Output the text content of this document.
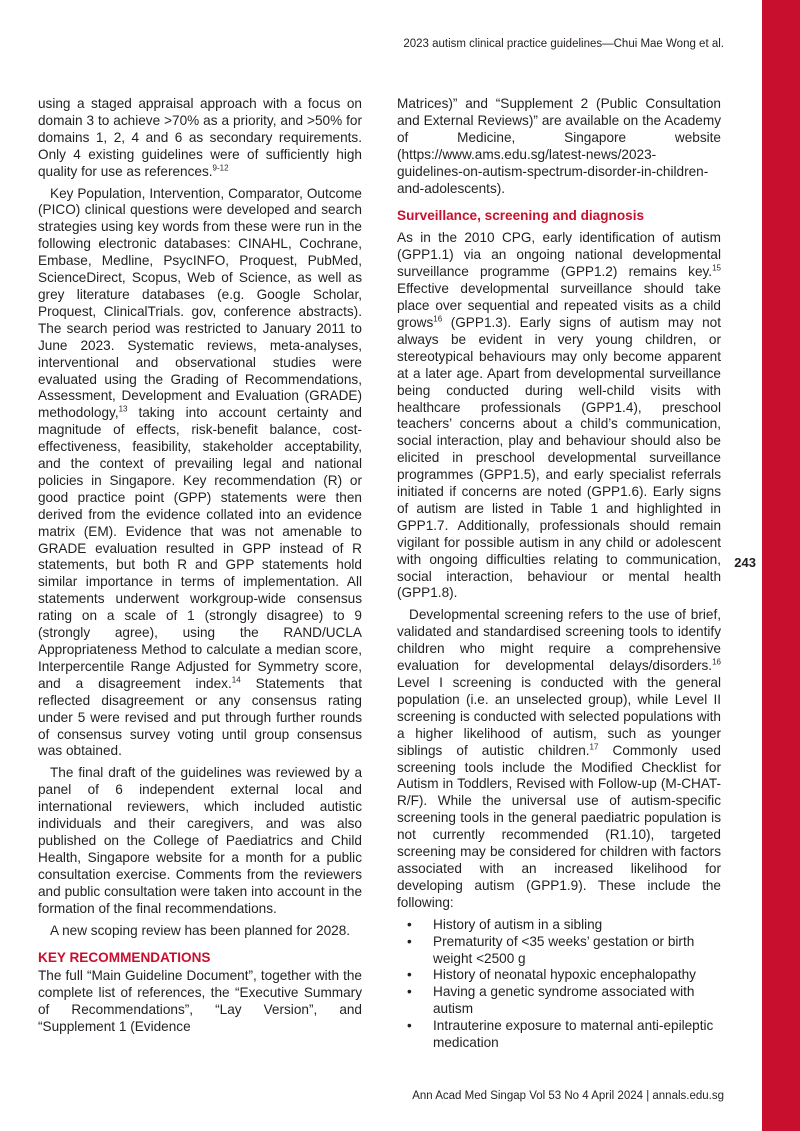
2023 autism clinical practice guidelines—Chui Mae Wong et al.
243

using a staged appraisal approach with a focus on domain 3 to achieve >70% as a priority, and >50% for domains 1, 2, 4 and 6 as secondary requirements. Only 4 existing guidelines were of sufficiently high quality for use as references.$^{9-12}$

Key Population, Intervention, Comparator, Outcome (PICO) clinical questions were developed and search strategies using key words from these were run in the following electronic databases: CINAHL, Cochrane, Embase, Medline, PsycINFO, Proquest, PubMed, ScienceDirect, Scopus, Web of Science, as well as grey literature databases (e.g. Google Scholar, Proquest, ClinicalTrials. gov, conference abstracts). The search period was restricted to January 2011 to June 2023. Systematic reviews, meta-analyses, interventional and observational studies were evaluated using the Grading of Recommendations, Assessment, Development and Evaluation (GRADE) methodology,$^{13}$ taking into account certainty and magnitude of effects, risk-benefit balance, cost-effectiveness, feasibility, stakeholder acceptability, and the context of prevailing legal and national policies in Singapore. Key recommendation (R) or good practice point (GPP) statements were then derived from the evidence collated into an evidence matrix (EM). Evidence that was not amenable to GRADE evaluation resulted in GPP instead of R statements, but both R and GPP statements hold similar importance in terms of implementation. All statements underwent workgroup-wide consensus rating on a scale of 1 (strongly disagree) to 9 (strongly agree), using the RAND/UCLA Appropriateness Method to calculate a median score, Interpercentile Range Adjusted for Symmetry score, and a disagreement index.$^{14}$ Statements that reflected disagreement or any consensus rating under 5 were revised and put through further rounds of consensus survey voting until group consensus was obtained.

The final draft of the guidelines was reviewed by a panel of 6 independent external local and international reviewers, which included autistic individuals and their caregivers, and was also published on the College of Paediatrics and Child Health, Singapore website for a month for a public consultation exercise. Comments from the reviewers and public consultation were taken into account in the formation of the final recommendations.

A new scoping review has been planned for 2028.

KEY RECOMMENDATIONS

The full “Main Guideline Document”, together with the complete list of references, the “Executive Summary of Recommendations”, “Lay Version”, and “Supplement 1 (Evidence

Matrices)” and “Supplement 2 (Public Consultation and External Reviews)” are available on the Academy of Medicine, Singapore website (https://www.ams.edu.sg/latest-news/2023-guidelines-on-autism-spectrum-disorder-in-children-and-adolescents).

Surveillance, screening and diagnosis

As in the 2010 CPG, early identification of autism (GPP1.1) via an ongoing national developmental surveillance programme (GPP1.2) remains key.$^{15}$ Effective developmental surveillance should take place over sequential and repeated visits as a child grows$^{16}$ (GPP1.3). Early signs of autism may not always be evident in very young children, or stereotypical behaviours may only become apparent at a later age. Apart from developmental surveillance being conducted during well-child visits with healthcare professionals (GPP1.4), preschool teachers’ concerns about a child’s communication, social interaction, play and behaviour should also be elicited in preschool developmental surveillance programmes (GPP1.5), and early specialist referrals initiated if concerns are noted (GPP1.6). Early signs of autism are listed in Table 1 and highlighted in GPP1.7. Additionally, professionals should remain vigilant for possible autism in any child or adolescent with ongoing difficulties relating to communication, social interaction, behaviour or mental health (GPP1.8).

Developmental screening refers to the use of brief, validated and standardised screening tools to identify children who might require a comprehensive evaluation for developmental delays/disorders.$^{16}$ Level I screening is conducted with the general population (i.e. an unselected group), while Level II screening is conducted with selected populations with a higher likelihood of autism, such as younger siblings of autistic children.$^{17}$ Commonly used screening tools include the Modified Checklist for Autism in Toddlers, Revised with Follow-up (M-CHAT-R/F). While the universal use of autism-specific screening tools in the general paediatric population is not currently recommended (R1.10), targeted screening may be considered for children with factors associated with an increased likelihood for developing autism (GPP1.9). These include the following:

• History of autism in a sibling
• Prematurity of <35 weeks’ gestation or birth weight <2500 g
• History of neonatal hypoxic encephalopathy
• Having a genetic syndrome associated with autism
• Intrauterine exposure to maternal anti-epileptic medication
Ann Acad Med Singap Vol 53 No 4 April 2024 | annals.edu.sg
